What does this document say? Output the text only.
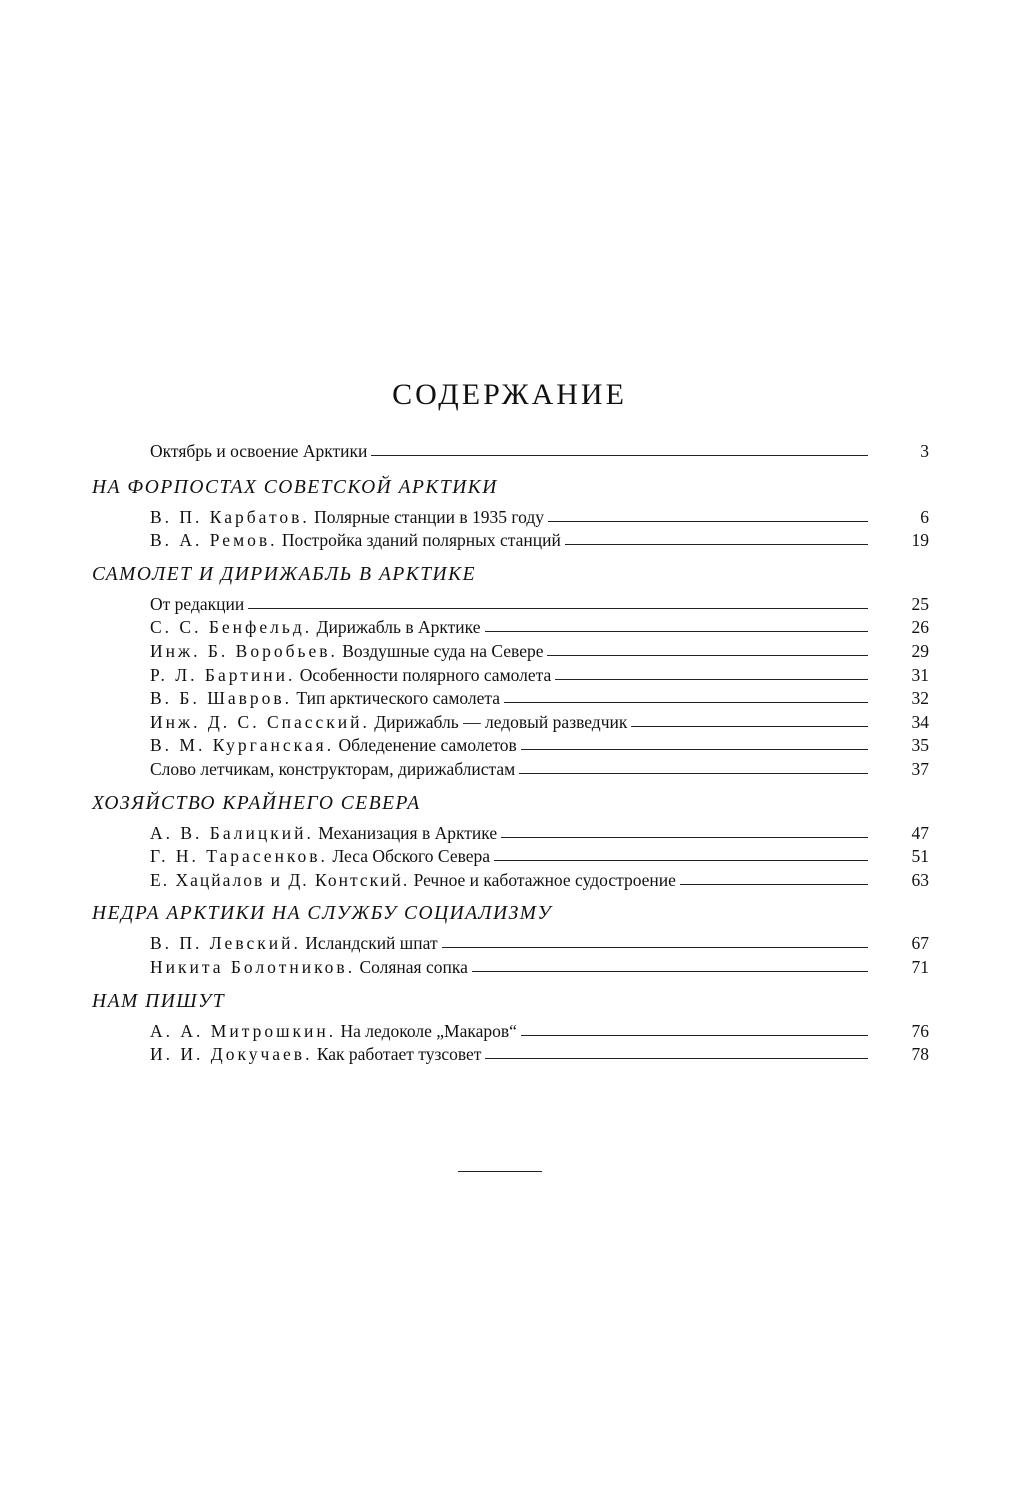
СОДЕРЖАНИЕ
Октябрь и освоение Арктики	3
НА ФОРПОСТАХ СОВЕТСКОЙ АРКТИКИ
В. П. Карбатов. Полярные станции в 1935 году	6
В. А. Ремов. Постройка зданий полярных станций	19
САМОЛЕТ И ДИРИЖАБЛЬ В АРКТИКЕ
От редакции	25
С. С. Бенфельд. Дирижабль в Арктике	26
Инж. Б. Воробьев. Воздушные суда на Севере	29
Р. Л. Бартини. Особенности полярного самолета	31
В. Б. Шавров. Тип арктического самолета	32
Инж. Д. С. Спасский. Дирижабль — ледовый разведчик	34
В. М. Курганская. Обледенение самолетов	35
Слово летчикам, конструкторам, дирижаблистам	37
ХОЗЯЙСТВО КРАЙНЕГО СЕВЕРА
А. В. Балицкий. Механизация в Арктике	47
Г. Н. Тарасенков. Леса Обского Севера	51
Е. Хацйалов и Д. Контский. Речное и каботажное судостроение	63
НЕДРА АРКТИКИ НА СЛУЖБУ СОЦИАЛИЗМУ
В. П. Левский. Исландский шпат	67
Никита Болотников. Соляная сопка	71
НАМ ПИШУТ
А. А. Митрошкин. На ледоколе „Макаров“	76
И. И. Докучаев. Как работает тузсовет	78
